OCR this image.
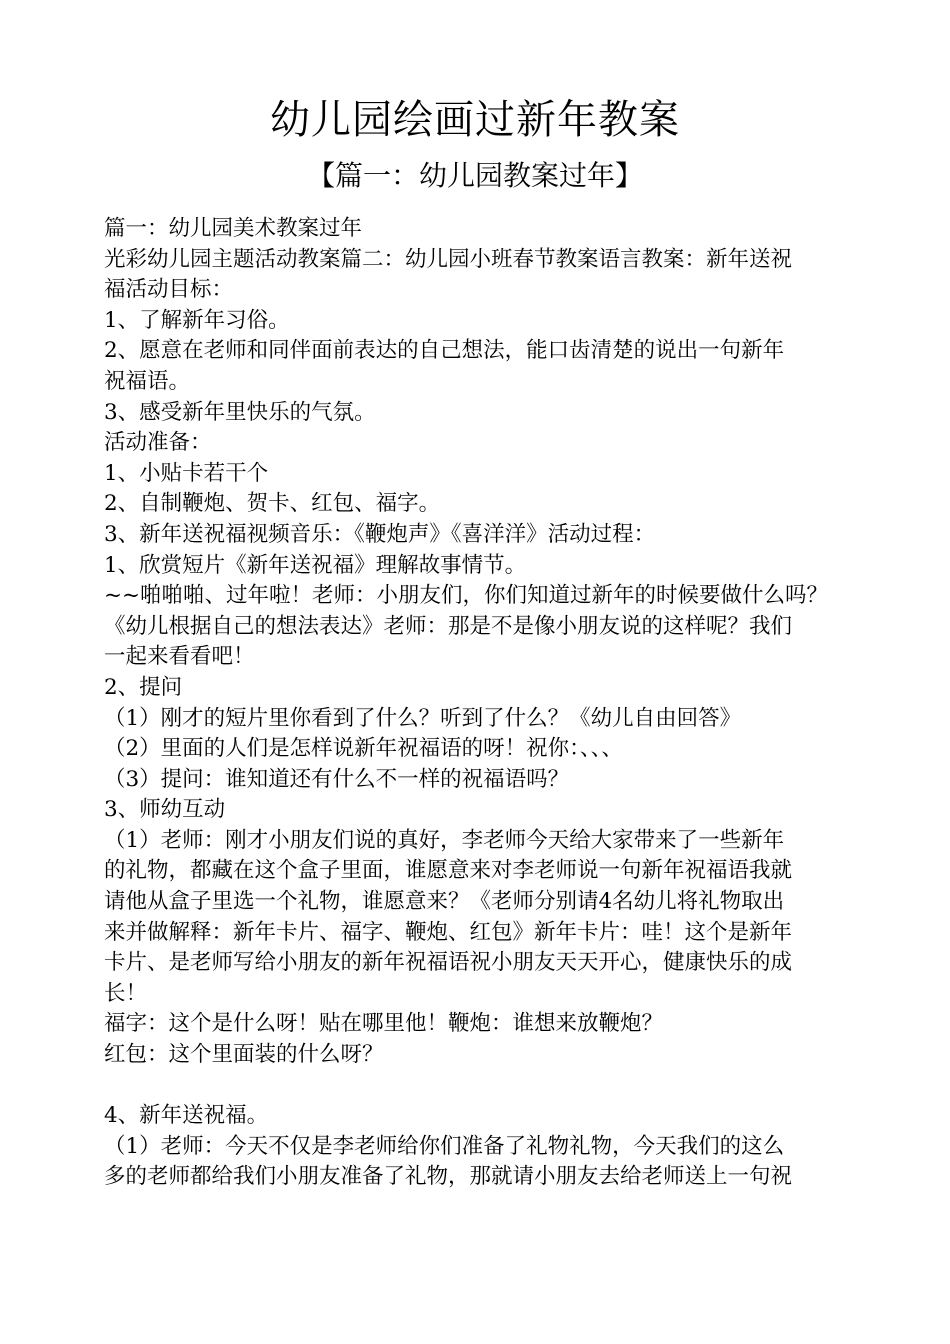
幼儿园绘画过新年教案
【篇一：幼儿园教案过年】
篇一：幼儿园美术教案过年
光彩幼儿园主题活动教案篇二：幼儿园小班春节教案语言教案：新年送祝
福活动目标：
1、了解新年习俗。
2、愿意在老师和同伴面前表达的自己想法，能口齿清楚的说出一句新年
祝福语。
3、感受新年里快乐的气氛。
活动准备：
1、小贴卡若干个
2、自制鞭炮、贺卡、红包、福字。
3、新年送祝福视频音乐：《鞭炮声》《喜洋洋》活动过程：
1、欣赏短片《新年送祝福》理解故事情节。
~~啪啪啪、过年啦！老师：小朋友们，你们知道过新年的时候要做什么吗？
《幼儿根据自己的想法表达》老师：那是不是像小朋友说的这样呢？我们
一起来看看吧！
2、提问
（1）刚才的短片里你看到了什么？听到了什么？《幼儿自由回答》
（2）里面的人们是怎样说新年祝福语的呀！祝你：、、、
（3）提问：谁知道还有什么不一样的祝福语吗？
3、师幼互动
（1）老师：刚才小朋友们说的真好，李老师今天给大家带来了一些新年
的礼物，都藏在这个盒子里面，谁愿意来对李老师说一句新年祝福语我就
请他从盒子里选一个礼物，谁愿意来？《老师分别请4名幼儿将礼物取出
来并做解释：新年卡片、福字、鞭炮、红包》新年卡片：哇！这个是新年
卡片、是老师写给小朋友的新年祝福语祝小朋友天天开心，健康快乐的成
长！
福字：这个是什么呀！贴在哪里他！鞭炮：谁想来放鞭炮？
红包：这个里面装的什么呀？
4、新年送祝福。
（1）老师：今天不仅是李老师给你们准备了礼物礼物，今天我们的这么
多的老师都给我们小朋友准备了礼物，那就请小朋友去给老师送上一句祝
